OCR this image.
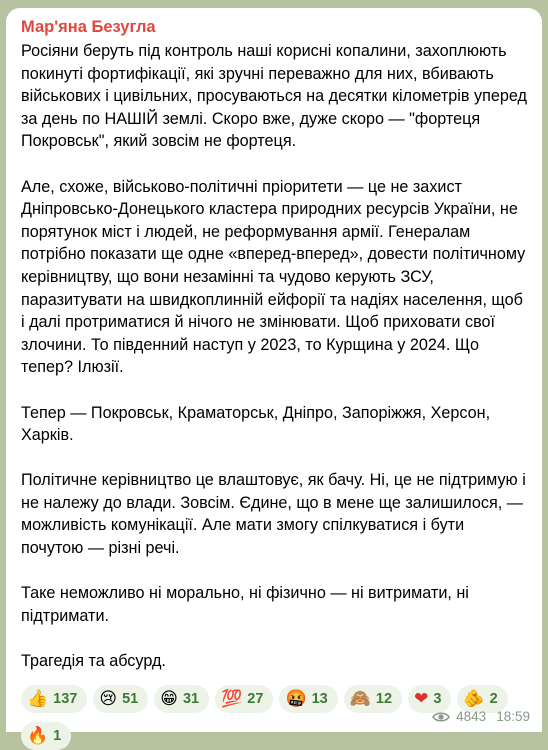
Мар'яна Безугла

Росіяни беруть під контроль наші корисні копалини, захоплюють покинуті фортифікації, які зручні переважно для них, вбивають військових і цивільних, просуваються на десятки кілометрів уперед за день по НАШІЙ землі. Скоро вже, дуже скоро — "фортеця Покровськ", який зовсім не фортеця.

Але, схоже, військово-політичні пріоритети — це не захист Дніпровсько-Донецького кластера природних ресурсів України, не порятунок міст і людей, не реформування армії. Генералам потрібно показати ще одне «вперед-вперед», довести політичному керівництву, що вони незамінні та чудово керують ЗСУ, паразитувати на швидкоплинній ейфорії та надіях населення, щоб і далі протриматися й нічого не змінювати. Щоб приховати свої злочини. То південний наступ у 2023, то Курщина у 2024. Що тепер? Ілюзії.

Тепер — Покровськ, Краматорськ, Дніпро, Запоріжжя, Херсон, Харків.

Політичне керівництво це влаштовує, як бачу. Ні, це не підтримую і не належу до влади. Зовсім. Єдине, що в мене ще залишилося, — можливість комунікації. Але мати змогу спілкуватися і бути почутою — різні речі.

Таке неможливо ні морально, ні фізично — ні витримати, ні підтримати.

Трагедія та абсурд.

👍 137 😢 51 😁 31 💯 27 🤬 13 🙈 12 ❤ 3 🫵 2
🔥 1
4843 18:59
